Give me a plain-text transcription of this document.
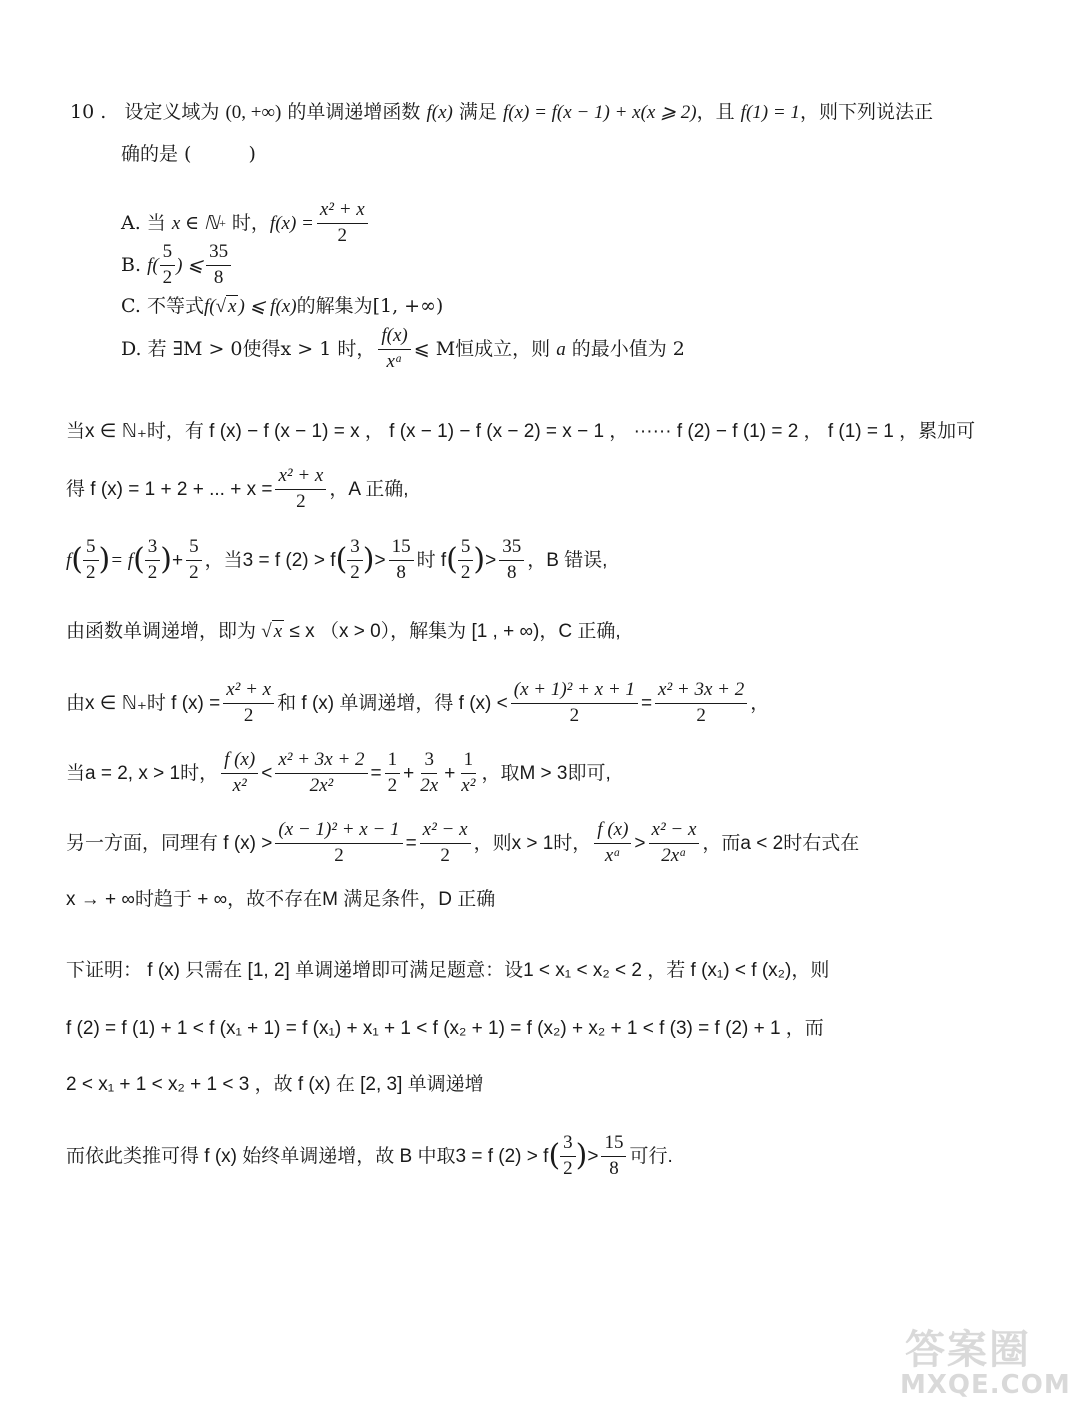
10 . 设定义域为 (0, +∞) 的单调递增函数 f(x) 满足 f(x) = f(x − 1) + x(x ⩾ 2)，且 f(1) = 1，则下列说法正
确的是 (　　　)
A. 当
x ∈ ℕ +
时， $f(x) = \frac{\text{x² + x}}{2}$
B.
$f( \frac{5}{2}$ ) ⩽ $\frac{35}{8}$
C. 不等式f(√ x ) ⩽ f(x)的解集为[1, +∞)
D. 若 ∃M > 0使得x > 1 时， $\frac{f(x)}{\text{xᵃ}}$ ⩽ M恒成立，则
a
的最小值为 2
当x ∈ ℕ₊时，有 f (x) − f (x − 1) = x ， f (x − 1) − f (x − 2) = x − 1 ， ······ f (2) − f (1) = 2 ， f (1) = 1 ，累加可
得 f (x) = 1 + 2 + ... + $x = \frac{\text{x² + x}}{2}$ ，A 正确,
f ( $\frac{5}{2}$ ) = f ( $\frac{3}{2}$ ) + $\frac{5}{2}$ ，当3 = f (2) > f ( $\frac{3}{2}$ ) > $\frac{15}{8}$ 时 f ( $\frac{5}{2}$ ) > $\frac{35}{8}$ ，B 错误,
由函数单调递增，即为 √ x ≤ x （x > 0），解集为 [1 , + ∞)，C 正确,
由x ∈ ℕ₊时 f $(x) = \frac{\text{x² + x}}{2}$ 和 f (x) 单调递增，得 f $(x) < \frac{\text{(x + 1)² + x + 1}}{2} = \frac{\text{x² + 3x + 2}}{2}$ ，
当a = 2, x > 1时， $\frac{f (x)}{\text{x²}} < \frac{\text{x² + 3x + 2}}{\text{2x²}} = \frac{1}{2} + \frac{3}{2x} + \frac{1}{\text{x²}}$ ，取M > 3即可,
另一方面，同理有 f $(x) > \frac{\text{(x − 1)² + x − 1}}{2} = \frac{\text{x² − x}}{2}$ ，则x > 1时， $\frac{f (x)}{\text{xᵃ}} > \frac{\text{x² − x}}{\text{2xᵃ}}$ ，而a < 2时右式在
x → + ∞时趋于 + ∞，故不存在M 满足条件，D 正确
下证明： f (x) 只需在 [1, 2] 单调递增即可满足题意：设1 < x₁ < x₂ < 2 ，若 f (x₁) < f (x₂)，则
f (2) = f (1) + 1 < f (x₁ + 1) = f (x₁) + x₁ + 1 < f (x₂ + 1) = f (x₂) + x₂ + 1 < f (3) = f (2) + 1 ，而
2 < x₁ + 1 < x₂ + 1 < 3 ，故 f (x) 在 [2, 3] 单调递增
而依此类推可得 f (x) 始终单调递增，故 B 中取3 = f (2) > f ( $\frac{3}{2}$ ) > $\frac{15}{8}$ 可行.
答案圈
MXQE.COM
